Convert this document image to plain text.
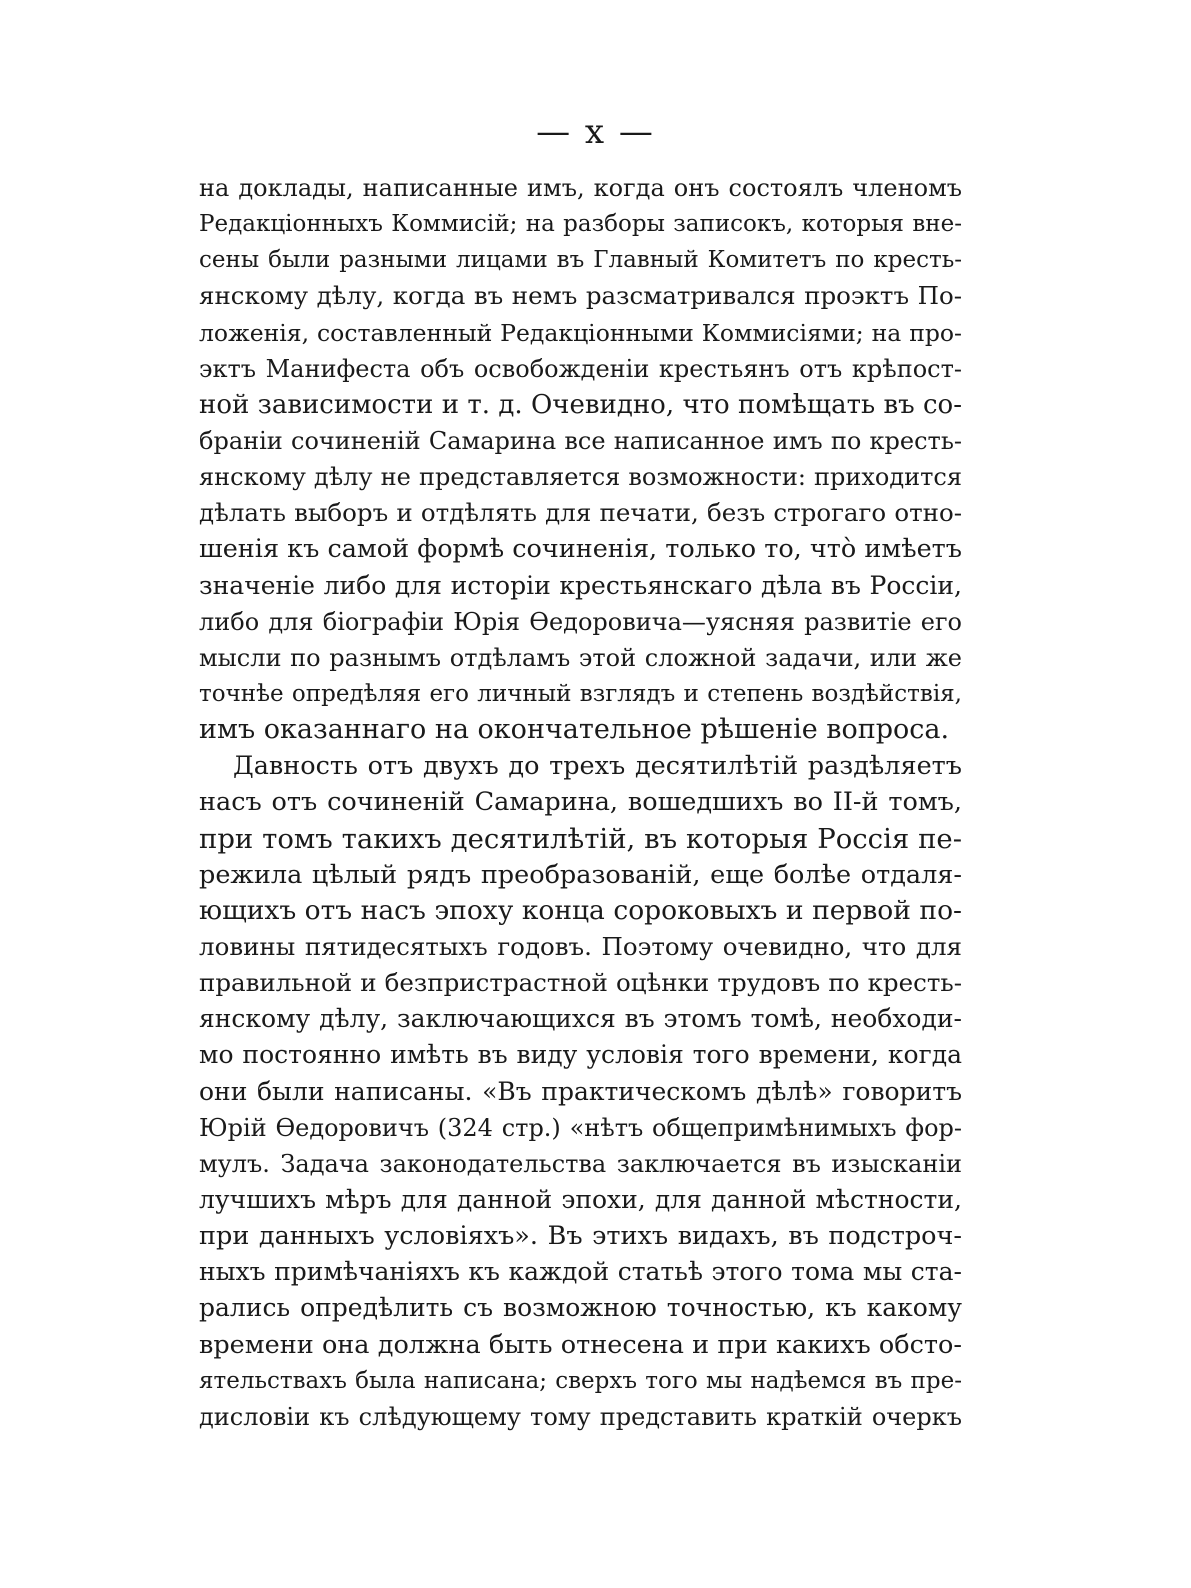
— x —
на доклады, написанные имъ, когда онъ состоялъ членомъ
Редакціонныхъ Коммисій; на разборы записокъ, которыя вне-
сены были разными лицами въ Главный Комитетъ по кресть-
янскому дѣлу, когда въ немъ разсматривался проэктъ По-
ложенія, составленный Редакціонными Коммисіями; на про-
эктъ Манифеста объ освобожденіи крестьянъ отъ крѣпост-
ной зависимости и т. д. Очевидно, что помѣщать въ со-
браніи сочиненій Самарина все написанное имъ по кресть-
янскому дѣлу не представляется возможности: приходится
дѣлать выборъ и отдѣлять для печати, безъ строгаго отно-
шенія къ самой формѣ сочиненія, только то, что̀ имѣетъ
значеніе либо для исторіи крестьянскаго дѣла въ Россіи,
либо для біографіи Юрія Ѳедоровича—уясняя развитіе его
мысли по разнымъ отдѣламъ этой сложной задачи, или же
точнѣе опредѣляя его личный взглядъ и степень воздѣйствія,
имъ оказаннаго на окончательное рѣшеніе вопроса.
Давность отъ двухъ до трехъ десятилѣтій раздѣляетъ
насъ отъ сочиненій Самарина, вошедшихъ во II-й томъ,
при томъ такихъ десятилѣтій, въ которыя Россія пе-
режила цѣлый рядъ преобразованій, еще болѣе отдаля-
ющихъ отъ насъ эпоху конца сороковыхъ и первой по-
ловины пятидесятыхъ годовъ. Поэтому очевидно, что для
правильной и безпристрастной оцѣнки трудовъ по кресть-
янскому дѣлу, заключающихся въ этомъ томѣ, необходи-
мо постоянно имѣть въ виду условія того времени, когда
они были написаны. «Въ практическомъ дѣлѣ» говоритъ
Юрій Ѳедоровичъ (324 стр.) «нѣтъ общепримѣнимыхъ фор-
мулъ. Задача законодательства заключается въ изысканіи
лучшихъ мѣръ для данной эпохи, для данной мѣстности,
при данныхъ условіяхъ». Въ этихъ видахъ, въ подстроч-
ныхъ примѣчаніяхъ къ каждой статьѣ этого тома мы ста-
рались опредѣлить съ возможною точностью, къ какому
времени она должна быть отнесена и при какихъ обсто-
ятельствахъ была написана; сверхъ того мы надѣемся въ пре-
дисловіи къ слѣдующему тому представить краткій очеркъ
